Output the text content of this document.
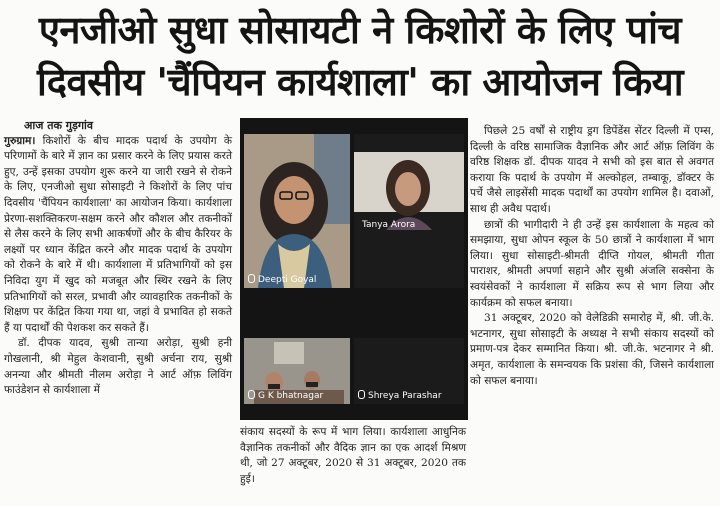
एनजीओ सुधा सोसायटी ने किशोरों के लिए पांच
दिवसीय 'चैंपियन कार्यशाला' का आयोजन किया

आज तक गुड़गांव

गुरुग्राम। किशोरों के बीच मादक पदार्थ के उपयोग के परिणामों के बारे में ज्ञान का प्रसार करने के लिए प्रयास करते हुए, उन्हें इसका उपयोग शुरू करने या जारी रखने से रोकने के लिए, एनजीओ सुधा सोसाइटी ने किशोरों के लिए पांच दिवसीय 'चैंपियन कार्यशाला' का आयोजन किया। कार्यशाला प्रेरणा-सशक्तिकरण-सक्षम करने और कौशल और तकनीकों से लैस करने के लिए सभी आकर्षणों और के बीच कैरियर के लक्ष्यों पर ध्यान केंद्रित करने और मादक पदार्थ के उपयोग को रोकने के बारे में थी। कार्यशाला में प्रतिभागियों को इस निविदा युग में खुद को मजबूत और स्थिर रखने के लिए प्रतिभागियों को सरल, प्रभावी और व्यावहारिक तकनीकों के शिक्षण पर केंद्रित किया गया था, जहां वे प्रभावित हो सकते हैं या पदार्थों की पेशकश कर सकते हैं।

डॉ. दीपक यादव, सुश्री तान्या अरोड़ा, सुश्री हनी गोखलानी, श्री मेहुल केशवानी, सुश्री अर्चना राय, सुश्री अनन्या और श्रीमती नीलम अरोड़ा ने आर्ट ऑफ़ लिविंग फाउंडेशन से कार्यशाला में

Deepti Goyal
Tanya Arora
G K bhatnagar	Shreya Parashar

संकाय सदस्यों के रूप में भाग लिया। कार्यशाला आधुनिक वैज्ञानिक तकनीकों और वैदिक ज्ञान का एक आदर्श मिश्रण थी, जो 27 अक्टूबर, 2020 से 31 अक्टूबर, 2020 तक हुई।

पिछले 25 वर्षों से राष्ट्रीय ड्रग डिपेंडेंस सेंटर दिल्ली में एम्स, दिल्ली के वरिष्ठ सामाजिक वैज्ञानिक और आर्ट ऑफ़ लिविंग के वरिष्ठ शिक्षक डॉ. दीपक यादव ने सभी को इस बात से अवगत कराया कि पदार्थ के उपयोग में अल्कोहल, तम्बाकू, डॉक्टर के पर्चे जैसे लाइसेंसी मादक पदार्थों का उपयोग शामिल है। दवाओं, साथ ही अवैध पदार्थ।

छात्रों की भागीदारी ने ही उन्हें इस कार्यशाला के महत्व को समझाया, सुधा ओपन स्कूल के 50 छात्रों ने कार्यशाला में भाग लिया। सुधा सोसाइटी-श्रीमती दीप्ति गोयल, श्रीमती गीता पाराशर, श्रीमती अपर्णा सहाने और सुश्री अंजलि सक्सेना के स्वयंसेवकों ने कार्यशाला में सक्रिय रूप से भाग लिया और कार्यक्रम को सफल बनाया।

31 अक्टूबर, 2020 को वेलेडिक्री समारोह में, श्री. जी.के. भटनागर, सुधा सोसाइटी के अध्यक्ष ने सभी संकाय सदस्यों को प्रमाण-पत्र देकर सम्मानित किया। श्री. जी.के. भटनागर ने श्री. अमृत, कार्यशाला के समन्वयक कि प्रशंसा की, जिसने कार्यशाला को सफल बनाया।
